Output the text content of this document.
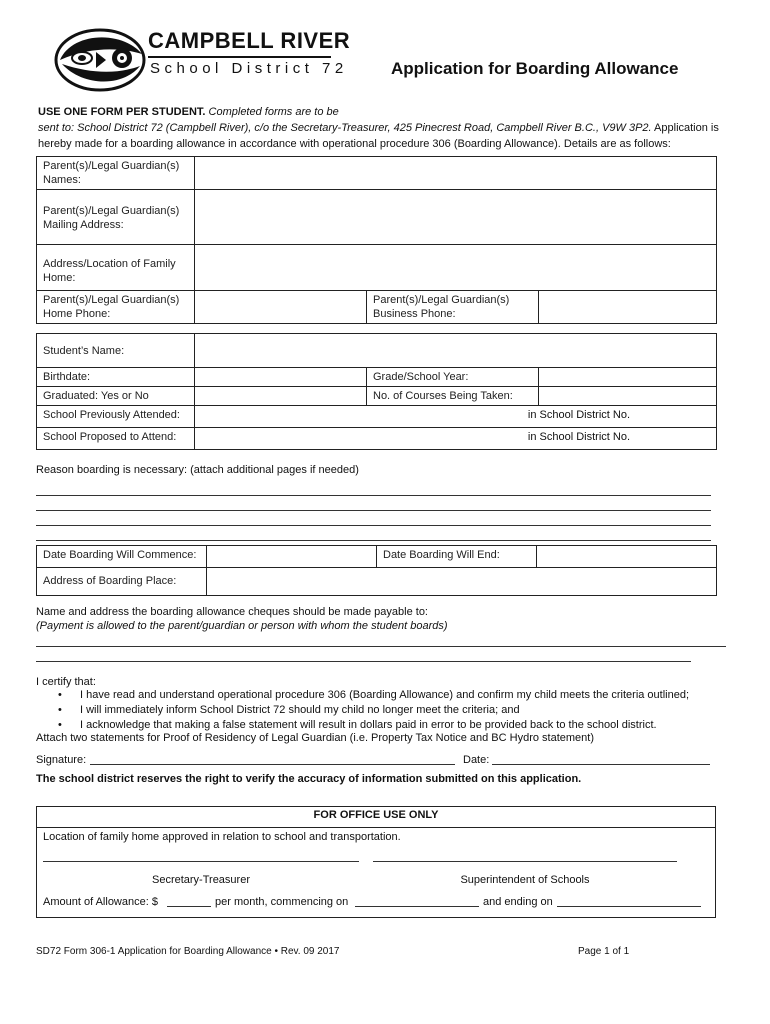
CAMPBELL RIVER
School District 72	Application for Boarding Allowance
USE ONE FORM PER STUDENT. Completed forms are to be
sent to: School District 72 (Campbell River), c/o the Secretary-Treasurer, 425 Pinecrest Road, Campbell River B.C., V9W 3P2. Application is
hereby made for a boarding allowance in accordance with operational procedure 306 (Boarding Allowance). Details are as follows:
Parent(s)/Legal Guardian(s) Names:			
Parent(s)/Legal Guardian(s) Mailing Address:			
Address/Location of Family Home:			
Parent(s)/Legal Guardian(s) Home Phone:		Parent(s)/Legal Guardian(s) Business Phone:	
Student’s Name:			
Birthdate:		Grade/School Year:	
Graduated: Yes or No		No. of Courses Being Taken:	
School Previously Attended:	in School District No.		
School Proposed to Attend:	in School District No.		
Reason boarding is necessary: (attach additional pages if needed)
Date Boarding Will Commence:		Date Boarding Will End:	
Address of Boarding Place:			
Name and address the boarding allowance cheques should be made payable to:
(Payment is allowed to the parent/guardian or person with whom the student boards)
I certify that:
• I have read and understand operational procedure 306 (Boarding Allowance) and confirm my child meets the criteria outlined;
• I will immediately inform School District 72 should my child no longer meet the criteria; and
• I acknowledge that making a false statement will result in dollars paid in error to be provided back to the school district.
Attach two statements for Proof of Residency of Legal Guardian (i.e. Property Tax Notice and BC Hydro statement)
Signature:	Date:
The school district reserves the right to verify the accuracy of information submitted on this application.
FOR OFFICE USE ONLY
Location of family home approved in relation to school and transportation.
Secretary-Treasurer	Superintendent of Schools
Amount of Allowance: $	per month, commencing on	and ending on
SD72 Form 306-1 Application for Boarding Allowance • Rev. 09 2017	Page 1 of 1
